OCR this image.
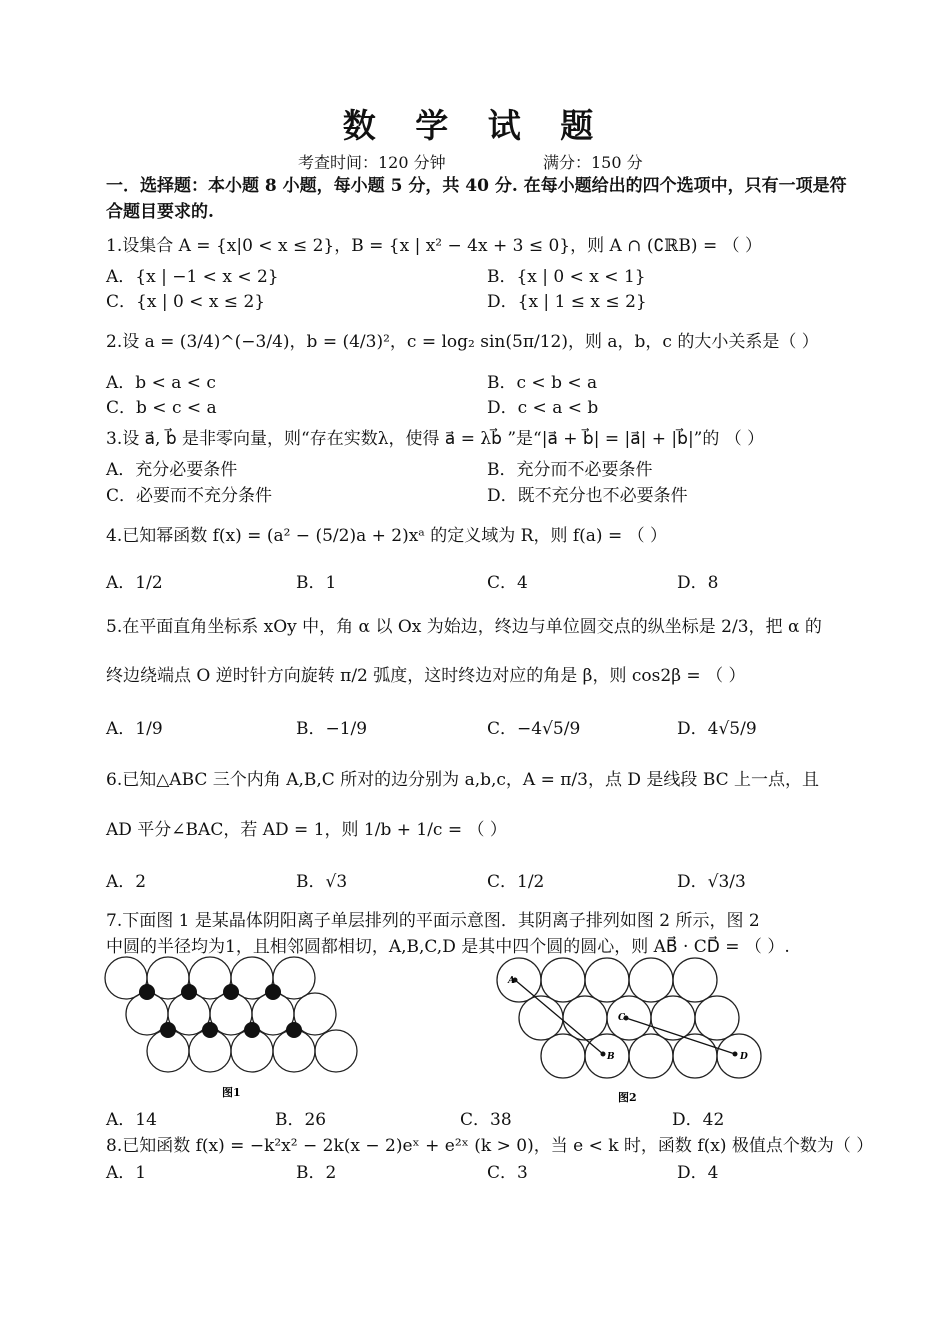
数 学 试 题
考查时间：120 分钟	满分：150 分
一．选择题：本小题 8 小题，每小题 5 分，共 40 分. 在每小题给出的四个选项中，只有一项是符合题目要求的.
1.设集合 A = {x|0 < x ≤ 2}，B = {x | x² − 4x + 3 ≤ 0}，则 A ∩ (∁ℝB) = （ ）
A．{x | −1 < x < 2}	B．{x | 0 < x < 1}
C．{x | 0 < x ≤ 2}	D．{x | 1 ≤ x ≤ 2}
2.设 a = (3/4)^(−3/4)，b = (4/3)²，c = log₂ sin(5π/12)，则 a，b，c 的大小关系是（ ）
A．b < a < c	B．c < b < a
C．b < c < a	D．c < a < b
3.设 a⃗, b⃗ 是非零向量，则“存在实数λ，使得 a⃗ = λb⃗ ”是“|a⃗ + b⃗| = |a⃗| + |b⃗|”的 （ ）
A．充分必要条件	B．充分而不必要条件
C．必要而不充分条件	D．既不充分也不必要条件
4.已知幂函数 f(x) = (a² − (5/2)a + 2)xᵃ 的定义域为 R，则 f(a) = （ ）
A．1/2	B．1	C．4	D．8
5.在平面直角坐标系 xOy 中，角 α 以 Ox 为始边，终边与单位圆交点的纵坐标是 2/3，把 α 的
终边绕端点 O 逆时针方向旋转 π/2 弧度，这时终边对应的角是 β，则 cos2β = （ ）
A．1/9	B．−1/9	C．−4√5/9	D．4√5/9
6.已知△ABC 三个内角 A,B,C 所对的边分别为 a,b,c，A = π/3，点 D 是线段 BC 上一点，且
AD 平分∠BAC，若 AD = 1，则 1/b + 1/c = （ ）
A．2	B．√3	C．1/2	D．√3/3
7.下面图 1 是某晶体阴阳离子单层排列的平面示意图．其阴离子排列如图 2 所示，图 2
中圆的半径均为1，且相邻圆都相切，A,B,C,D 是其中四个圆的圆心，则 AB⃗ · CD⃗ = （ ）.
图1
A
B
C
D
图2
A．14	B．26	C．38	D．42
8.已知函数 f(x) = −k²x² − 2k(x − 2)eˣ + e²ˣ (k > 0)，当 e < k 时，函数 f(x) 极值点个数为（ ）
A．1	B．2	C．3	D．4
